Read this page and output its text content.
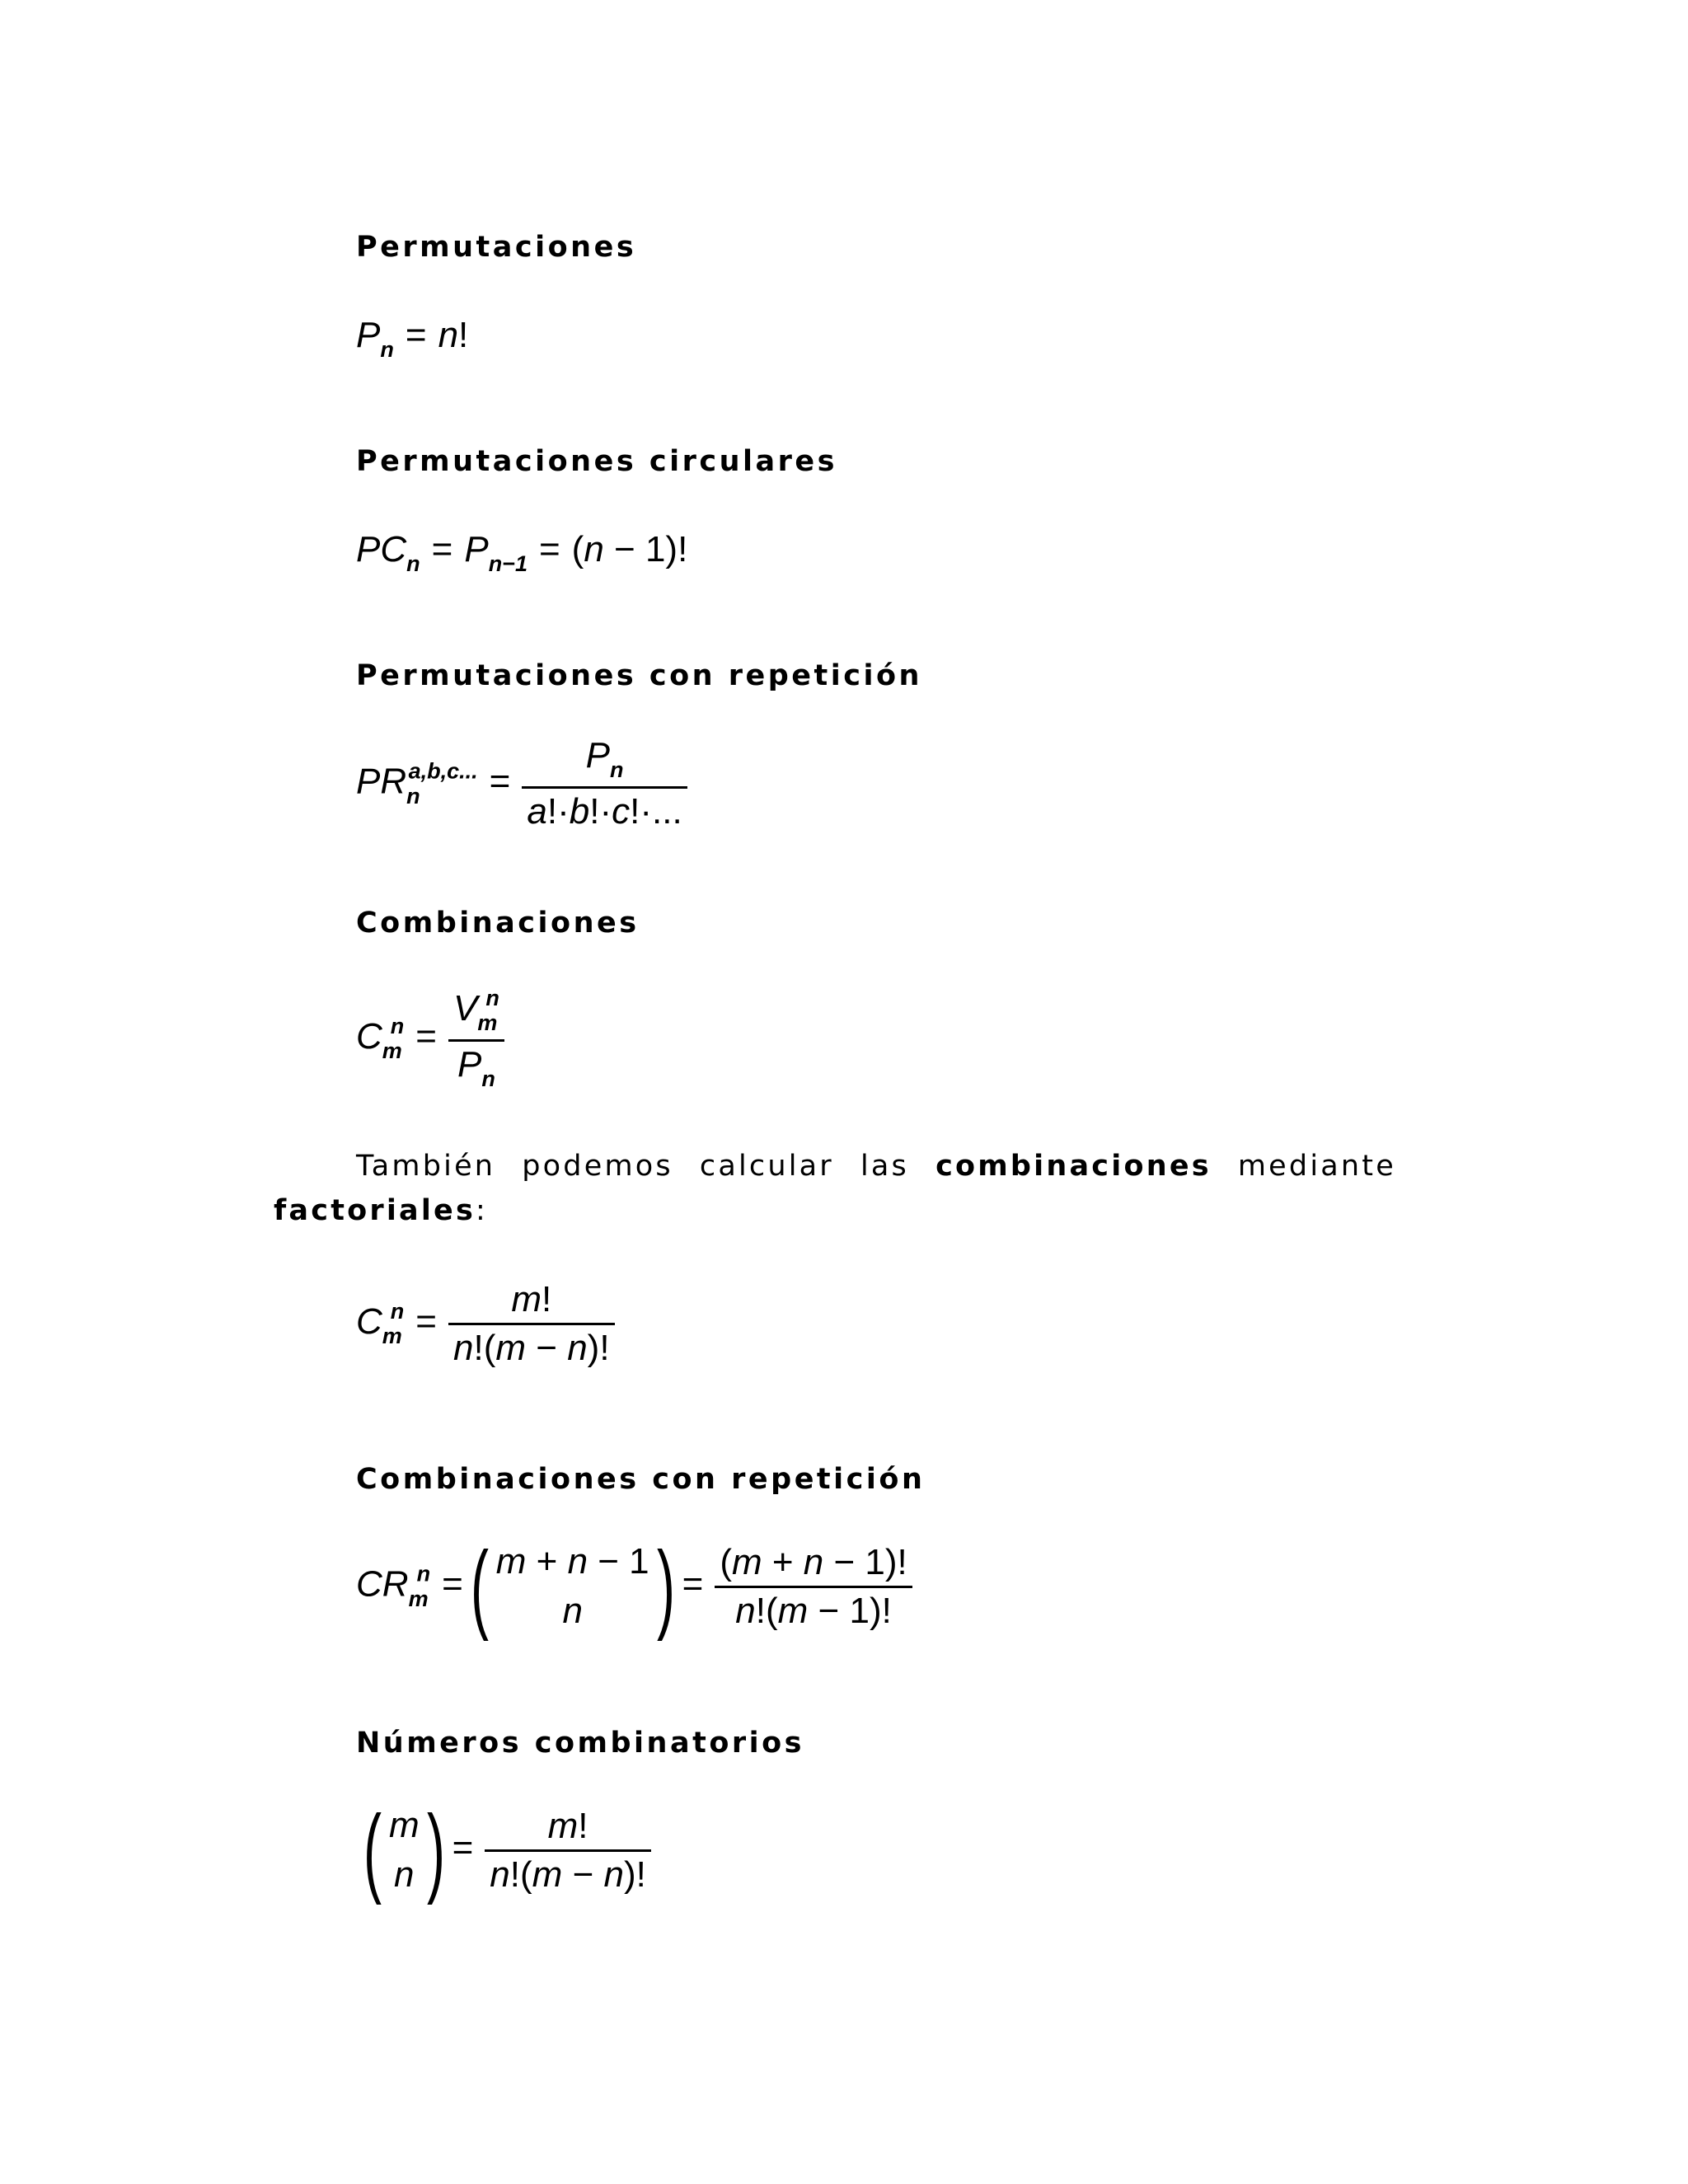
Permutaciones
$P_n = n$!
Permutaciones circulares
$PC_n = P_{n-1} = (n - 1)$!
Permutaciones con repetición
$PR_n^{a,b,c...} = \frac{P_n}{a!\cdot b!\cdot c!\cdot...}$
Combinaciones
$C_m^n = \frac{V_m^n}{P_n}$
También podemos calcular las combinaciones mediante
factoriales:
$C_m^n = \frac{m!}{n!(m - n)!}$
Combinaciones con repetición
$CR_m^n$ = ( m + n − 1
n ) = $\frac{(m + n - 1)!}{n!(m - 1)!}$
Números combinatorios
( m
n ) = $\frac{m!}{n!(m - n)!}$
